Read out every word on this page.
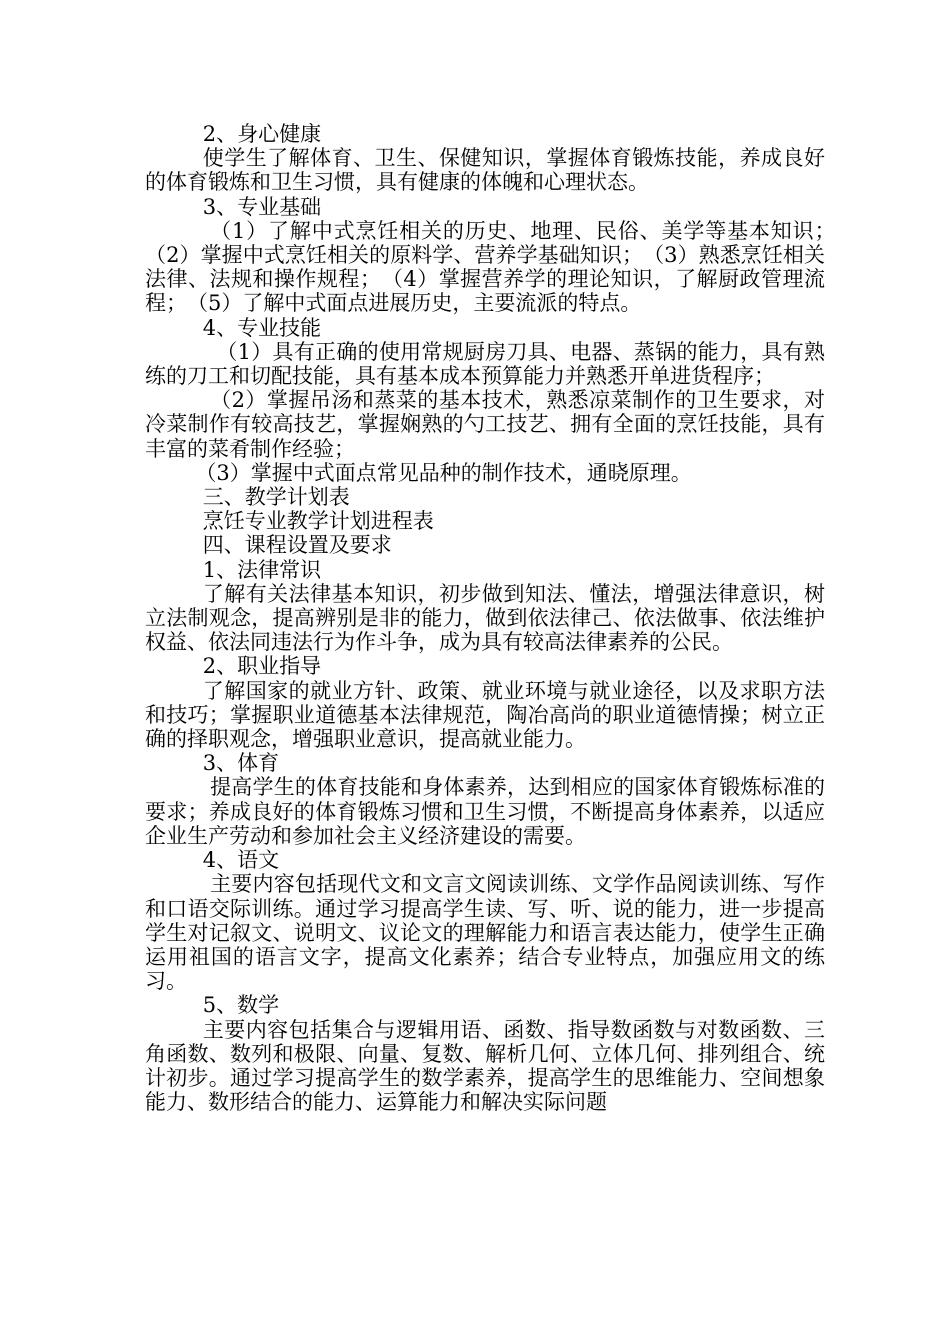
2、身心健康

使学生了解体育、卫生、保健知识，掌握体育锻炼技能，养成良好的体育锻炼和卫生习惯，具有健康的体魄和心理状态。

3、专业基础

（1）了解中式烹饪相关的历史、地理、民俗、美学等基本知识；　（2）掌握中式烹饪相关的原料学、营养学基础知识；　（3）熟悉烹饪相关法律、法规和操作规程；　（4）掌握营养学的理论知识，了解厨政管理流程；　（5）了解中式面点进展历史，主要流派的特点。

4、专业技能

（1）具有正确的使用常规厨房刀具、电器、蒸锅的能力，具有熟练的刀工和切配技能，具有基本成本预算能力并熟悉开单进货程序；

（2）掌握吊汤和蒸菜的基本技术，熟悉凉菜制作的卫生要求，对冷菜制作有较高技艺，掌握娴熟的勺工技艺、拥有全面的烹饪技能，具有丰富的菜肴制作经验；

（3）掌握中式面点常见品种的制作技术，通晓原理。

三、教学计划表

烹饪专业教学计划进程表

四、课程设置及要求

1、法律常识

了解有关法律基本知识，初步做到知法、懂法，增强法律意识，树立法制观念，提高辨别是非的能力，做到依法律己、依法做事、依法维护权益、依法同违法行为作斗争，成为具有较高法律素养的公民。

2、职业指导

了解国家的就业方针、政策、就业环境与就业途径，以及求职方法和技巧；掌握职业道德基本法律规范，陶冶高尚的职业道德情操；树立正确的择职观念，增强职业意识，提高就业能力。

3、体育

提高学生的体育技能和身体素养，达到相应的国家体育锻炼标准的要求；养成良好的体育锻炼习惯和卫生习惯，不断提高身体素养，以适应企业生产劳动和参加社会主义经济建设的需要。

4、语文

主要内容包括现代文和文言文阅读训练、文学作品阅读训练、写作和口语交际训练。通过学习提高学生读、写、听、说的能力，进一步提高学生对记叙文、说明文、议论文的理解能力和语言表达能力，使学生正确运用祖国的语言文字，提高文化素养；结合专业特点，加强应用文的练习。

5、数学

主要内容包括集合与逻辑用语、函数、指导数函数与对数函数、三角函数、数列和极限、向量、复数、解析几何、立体几何、排列组合、统计初步。通过学习提高学生的数学素养，提高学生的思维能力、空间想象能力、数形结合的能力、运算能力和解决实际问题
